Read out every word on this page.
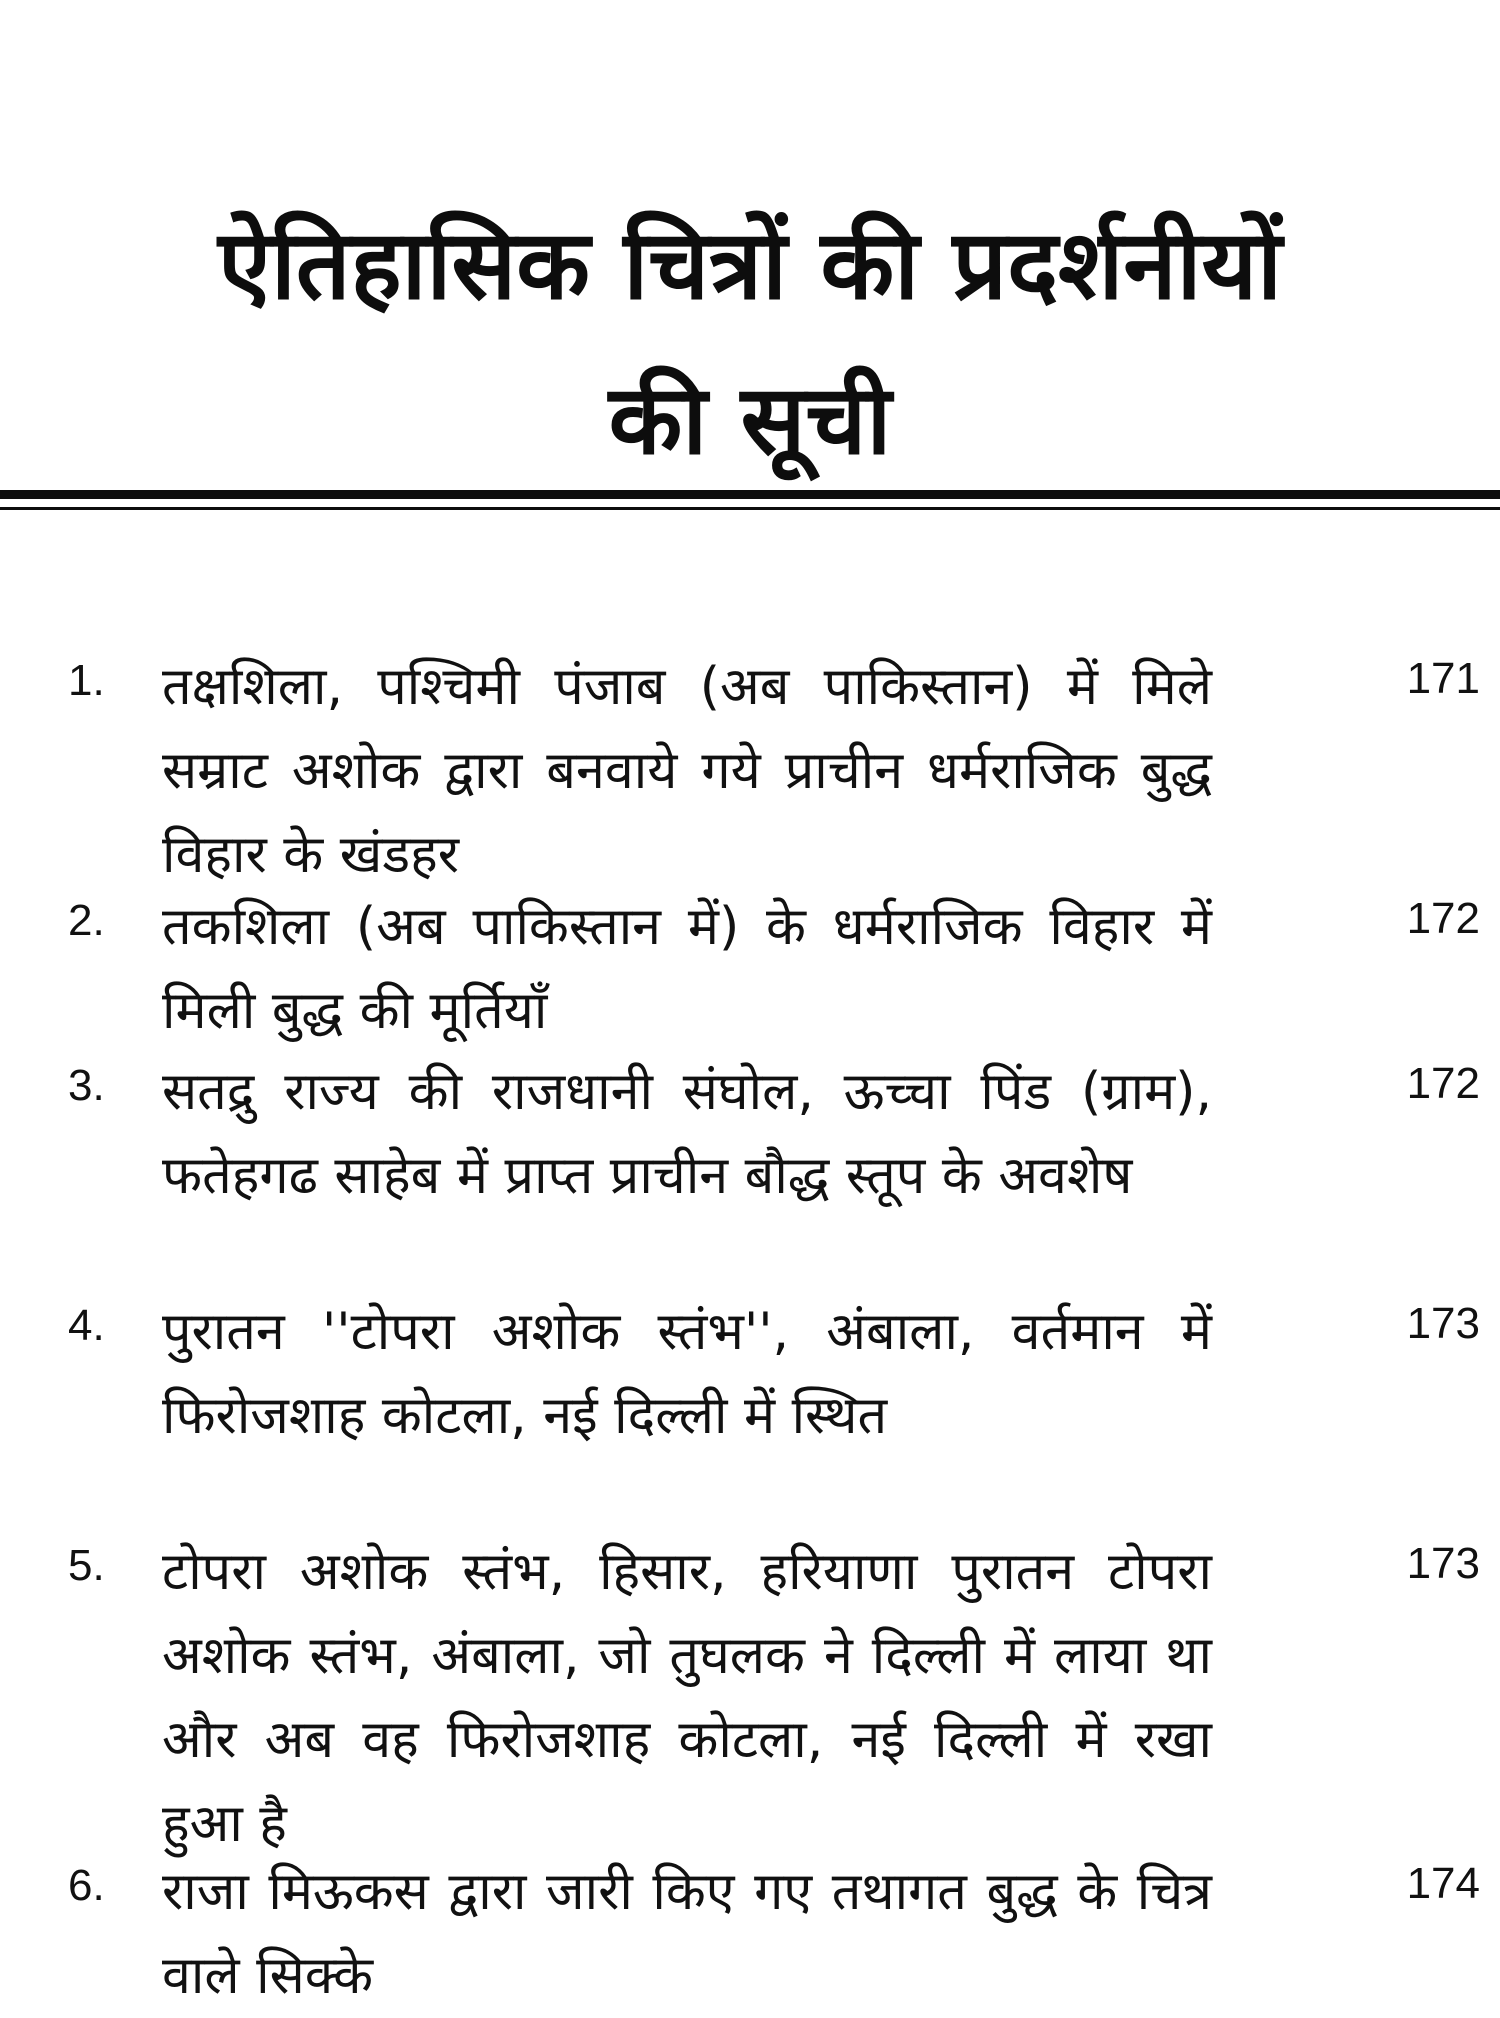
ऐतिहासिक चित्रों की प्रदर्शनीयों
की सूची
1. तक्षशिला, पश्चिमी पंजाब (अब पाकिस्तान) में मिले सम्राट अशोक द्वारा बनवाये गये प्राचीन धर्मराजिक बुद्ध विहार के खंडहर
171
2. तकशिला (अब पाकिस्तान में) के धर्मराजिक विहार में मिली बुद्ध की मूर्तियाँ
172
3. सतद्रु राज्य की राजधानी संघोल, ऊच्चा पिंड (ग्राम), फतेहगढ साहेब में प्राप्त प्राचीन बौद्ध स्तूप के अवशेष
172
4. पुरातन ''टोपरा अशोक स्तंभ'', अंबाला, वर्तमान में फिरोजशाह कोटला, नई दिल्ली में स्थित
173
5. टोपरा अशोक स्तंभ, हिसार, हरियाणा पुरातन टोपरा अशोक स्तंभ, अंबाला, जो तुघलक ने दिल्ली में लाया था और अब वह फिरोजशाह कोटला, नई दिल्ली में रखा हुआ है
173
6. राजा मिऊकस द्वारा जारी किए गए तथागत बुद्ध के चित्र वाले सिक्के
174
